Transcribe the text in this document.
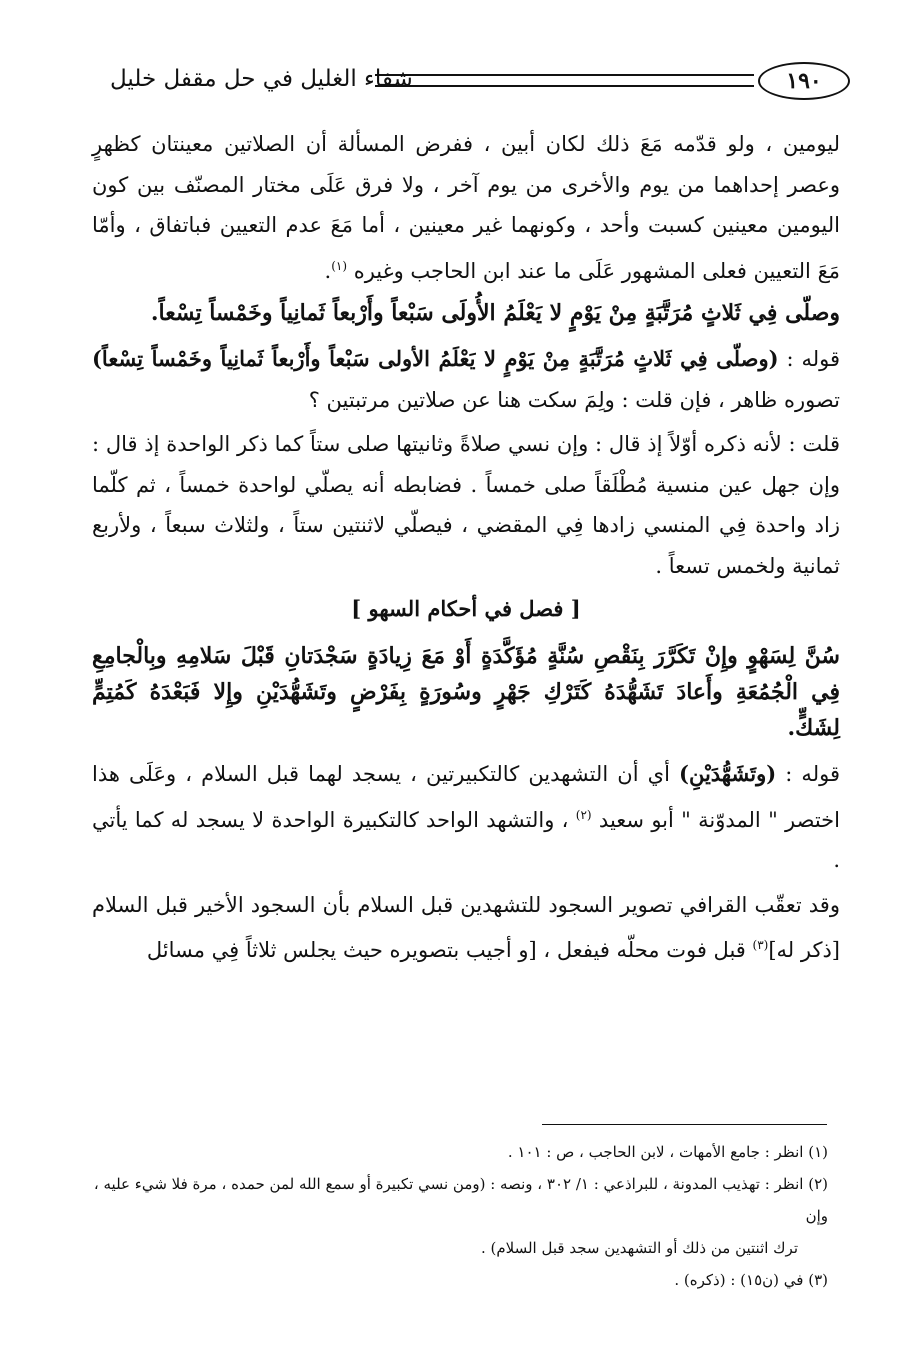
١٩٠
شفاء الغليل في حل مقفل خليل

ليومين ، ولو قدّمه مَعَ ذلك لكان أبين ، ففرض المسألة أن الصلاتين معينتان كظهرٍ وعصر إحداهما من يوم والأخرى من يوم آخر ، ولا فرق عَلَى مختار المصنّف بين كون اليومين معينين كسبت وأحد ، وكونهما غير معينين ، أما مَعَ عدم التعيين فباتفاق ، وأمّا مَعَ التعيين فعلى المشهور عَلَى ما عند ابن الحاجب وغيره $^{(١)}$.

وصلّى فِي ثَلاثٍ مُرَتَّبَةٍ مِنْ يَوْمٍ لا يَعْلَمُ الأُولَى سَبْعاً وأَرْبعاً ثَمانِياً وخَمْساً تِسْعاً.

قوله : (وصلّى فِي ثَلاثٍ مُرَتَّبَةٍ مِنْ يَوْمٍ لا يَعْلَمُ الأولى سَبْعاً وأَرْبعاً ثَمانِياً وخَمْساً تِسْعاً) تصوره ظاهر ، فإن قلت : ولِمَ سكت هنا عن صلاتين مرتبتين ؟

قلت : لأنه ذكره أوّلاً إذ قال : وإن نسي صلاةً وثانيتها صلى ستاً كما ذكر الواحدة إذ قال : وإن جهل عين منسية مُطْلَقاً صلى خمساً . فضابطه أنه يصلّي لواحدة خمساً ، ثم كلّما زاد واحدة فِي المنسي زادها فِي المقضي ، فيصلّي لاثنتين ستاً ، ولثلاث سبعاً ، ولأربع ثمانية ولخمس تسعاً .

[ فصل في أحكام السهو ]

سُنَّ لِسَهْوٍ وإِنْ تَكَرَّرَ بِنَقْصِ سُنَّةٍ مُؤَكَّدَةٍ أَوْ مَعَ زِيادَةٍ سَجْدَتانِ قَبْلَ سَلامِهِ وبِالْجامِعِ فِي الْجُمُعَةِ وأَعادَ تَشَهُّدَهُ كَتَرْكِ جَهْرٍ وسُورَةٍ بِفَرْضٍ وتَشَهُّدَيْنِ وإِلا فَبَعْدَهُ كَمُتِمٍّ لِشَكٍّ.

قوله : (وتَشَهُّدَيْنِ) أي أن التشهدين كالتكبيرتين ، يسجد لهما قبل السلام ، وعَلَى هذا اختصر " المدوّنة " أبو سعيد $^{(٢)}$ ، والتشهد الواحد كالتكبيرة الواحدة لا يسجد له كما يأتي .

وقد تعقّب القرافي تصوير السجود للتشهدين قبل السلام بأن السجود الأخير قبل السلام [ذكر له]$^{(٣)}$ قبل فوت محلّه فيفعل ، [و أجيب بتصويره حيث يجلس ثلاثاً فِي مسائل

(١) انظر : جامع الأمهات ، لابن الحاجب ، ص : ١٠١ .

(٢) انظر : تهذيب المدونة ، للبراذعي : ١/ ٣٠٢ ، ونصه : (ومن نسي تكبيرة أو سمع الله لمن حمده ، مرة فلا شيء عليه ، وإن

ترك اثنتين من ذلك أو التشهدين سجد قبل السلام) .

(٣) في (ن١٥) : (ذكره) .
